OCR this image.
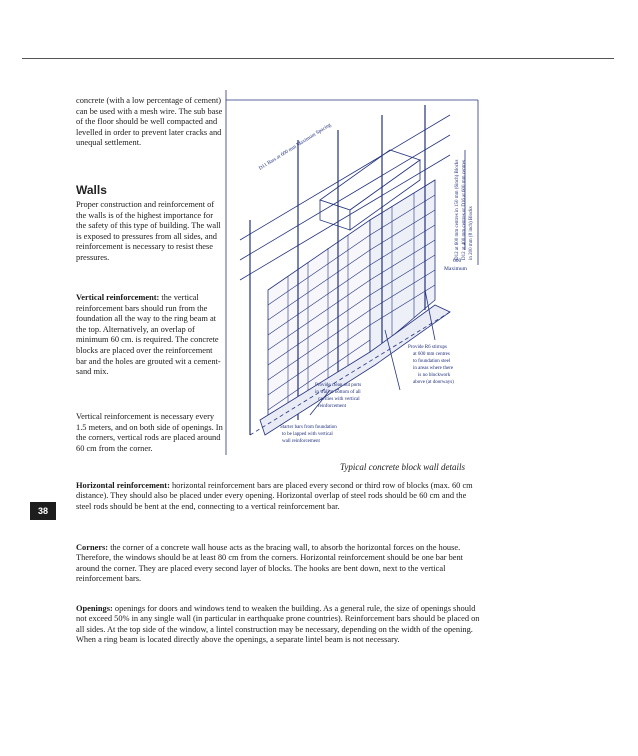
concrete (with a low percentage of cement) can be used with a mesh wire. The sub base of the floor should be well compacted and levelled in order to prevent later cracks and unequal settlement.

Walls

Proper construction and reinforcement of the walls is of the highest importance for the safety of this type of building. The wall is exposed to pressures from all sides, and reinforcement is necessary to resist these pressures.

Vertical reinforcement: the vertical reinforcement bars should run from the foundation all the way to the ring beam at the top. Alternatively, an overlap of minimum 60 cm. is required. The concrete blocks are placed over the reinforcement bar and the holes are grouted wit a cement-sand mix.

Vertical reinforcement is necessary every 1.5 meters, and on both side of openings. In the corners, vertical rods are placed around 60 cm from the corner.

D11 Bars at 600 mm Maximum Spacing
D12 at 600 mm centres in 150 mm (6inch) Blocks D12 at 400 mm centres or D16 at 600 mm centres in 200 mm (8 inch) Blocks
600
Maximum
Provide R6 stirrups at 600 mm centres to foundation steel in areas where there is no blockwork above (at doorways)
Provide clean out ports in wall at bottom of all cavities with vertical reinforcement
Starter bars from foundation to be lapped with vertical wall reinforcement
Typical concrete block wall details
38
Horizontal reinforcement: horizontal reinforcement bars are placed every second or third row of blocks (max. 60 cm distance). They should also be placed under every opening. Horizontal overlap of steel rods should be 60 cm and the steel rods should be bent at the end, connecting to a vertical reinforcement bar.
Corners: the corner of a concrete wall house acts as the bracing wall, to absorb the horizontal forces on the house. Therefore, the windows should be at least 80 cm from the corners. Horizontal reinforcement should be one bar bent around the corner. They are placed every second layer of blocks. The hooks are bent down, next to the vertical reinforcement bars.
Openings: openings for doors and windows tend to weaken the building. As a general rule, the size of openings should not exceed 50% in any single wall (in particular in earthquake prone countries). Reinforcement bars should be placed on all sides. At the top side of the window, a lintel construction may be necessary, depending on the width of the opening. When a ring beam is located directly above the openings, a separate lintel beam is not necessary.
